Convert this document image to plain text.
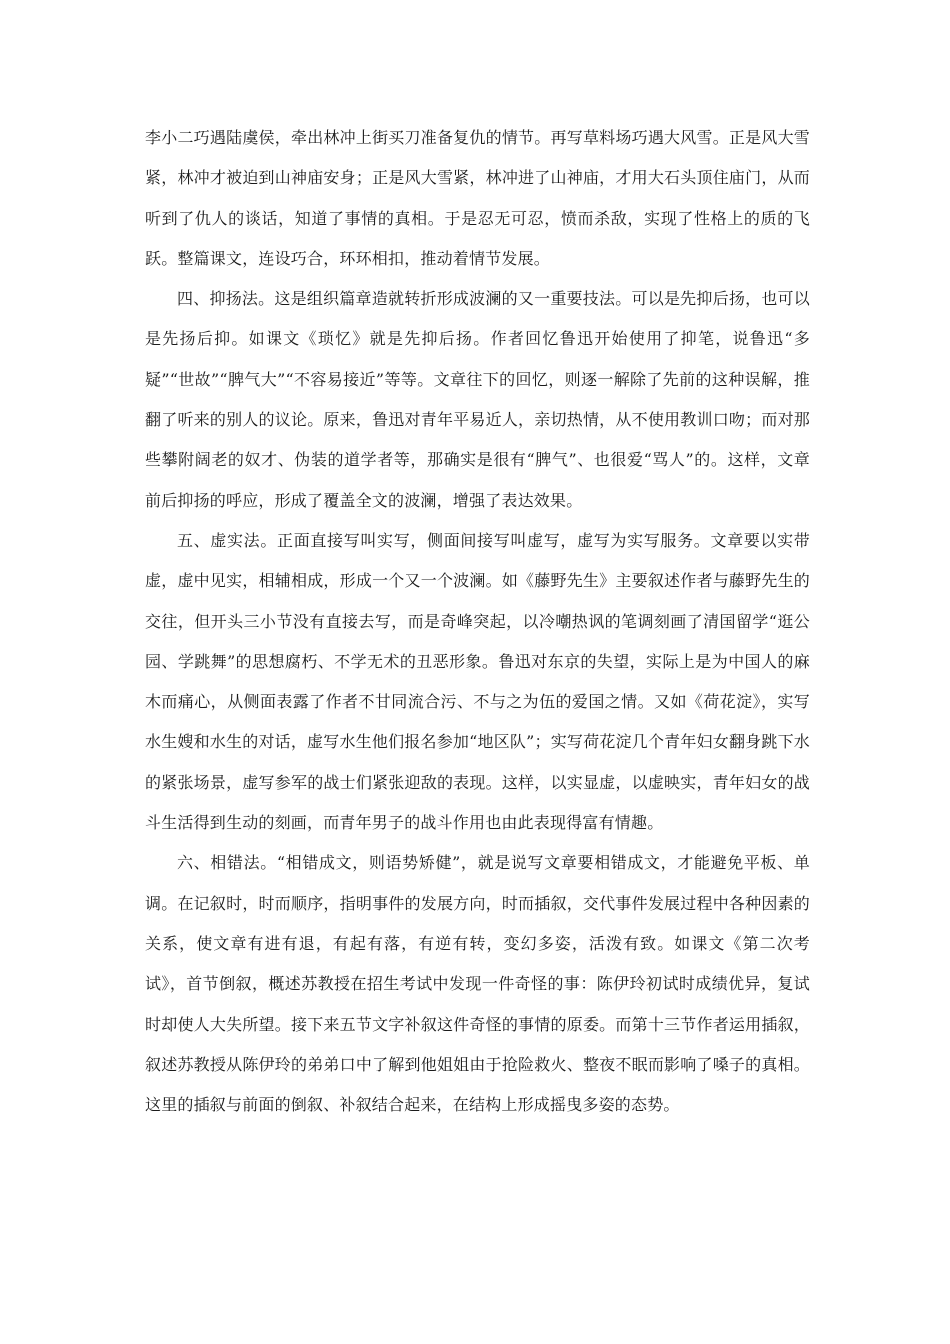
李小二巧遇陆虞侯，牵出林冲上街买刀准备复仇的情节。再写草料场巧遇大风雪。正是风大雪紧，林冲才被迫到山神庙安身；正是风大雪紧，林冲进了山神庙，才用大石头顶住庙门，从而听到了仇人的谈话，知道了事情的真相。于是忍无可忍，愤而杀敌，实现了性格上的质的飞跃。整篇课文，连设巧合，环环相扣，推动着情节发展。

四、抑扬法。这是组织篇章造就转折形成波澜的又一重要技法。可以是先抑后扬，也可以是先扬后抑。如课文《琐忆》就是先抑后扬。作者回忆鲁迅开始使用了抑笔，说鲁迅“多疑”“世故”“脾气大”“不容易接近”等等。文章往下的回忆，则逐一解除了先前的这种误解，推翻了听来的别人的议论。原来，鲁迅对青年平易近人，亲切热情，从不使用教训口吻；而对那些攀附阔老的奴才、伪装的道学者等，那确实是很有“脾气”、也很爱“骂人”的。这样，文章前后抑扬的呼应，形成了覆盖全文的波澜，增强了表达效果。

五、虚实法。正面直接写叫实写，侧面间接写叫虚写，虚写为实写服务。文章要以实带虚，虚中见实，相辅相成，形成一个又一个波澜。如《藤野先生》主要叙述作者与藤野先生的交往，但开头三小节没有直接去写，而是奇峰突起，以冷嘲热讽的笔调刻画了清国留学“逛公园、学跳舞”的思想腐朽、不学无术的丑恶形象。鲁迅对东京的失望，实际上是为中国人的麻木而痛心，从侧面表露了作者不甘同流合污、不与之为伍的爱国之情。又如《荷花淀》，实写水生嫂和水生的对话，虚写水生他们报名参加“地区队”；实写荷花淀几个青年妇女翻身跳下水的紧张场景，虚写参军的战士们紧张迎敌的表现。这样，以实显虚，以虚映实，青年妇女的战斗生活得到生动的刻画，而青年男子的战斗作用也由此表现得富有情趣。

六、相错法。“相错成文，则语势矫健”，就是说写文章要相错成文，才能避免平板、单调。在记叙时，时而顺序，指明事件的发展方向，时而插叙，交代事件发展过程中各种因素的关系，使文章有进有退，有起有落，有逆有转，变幻多姿，活泼有致。如课文《第二次考试》，首节倒叙，概述苏教授在招生考试中发现一件奇怪的事：陈伊玲初试时成绩优异，复试时却使人大失所望。接下来五节文字补叙这件奇怪的事情的原委。而第十三节作者运用插叙，叙述苏教授从陈伊玲的弟弟口中了解到他姐姐由于抢险救火、整夜不眠而影响了嗓子的真相。这里的插叙与前面的倒叙、补叙结合起来，在结构上形成摇曳多姿的态势。
